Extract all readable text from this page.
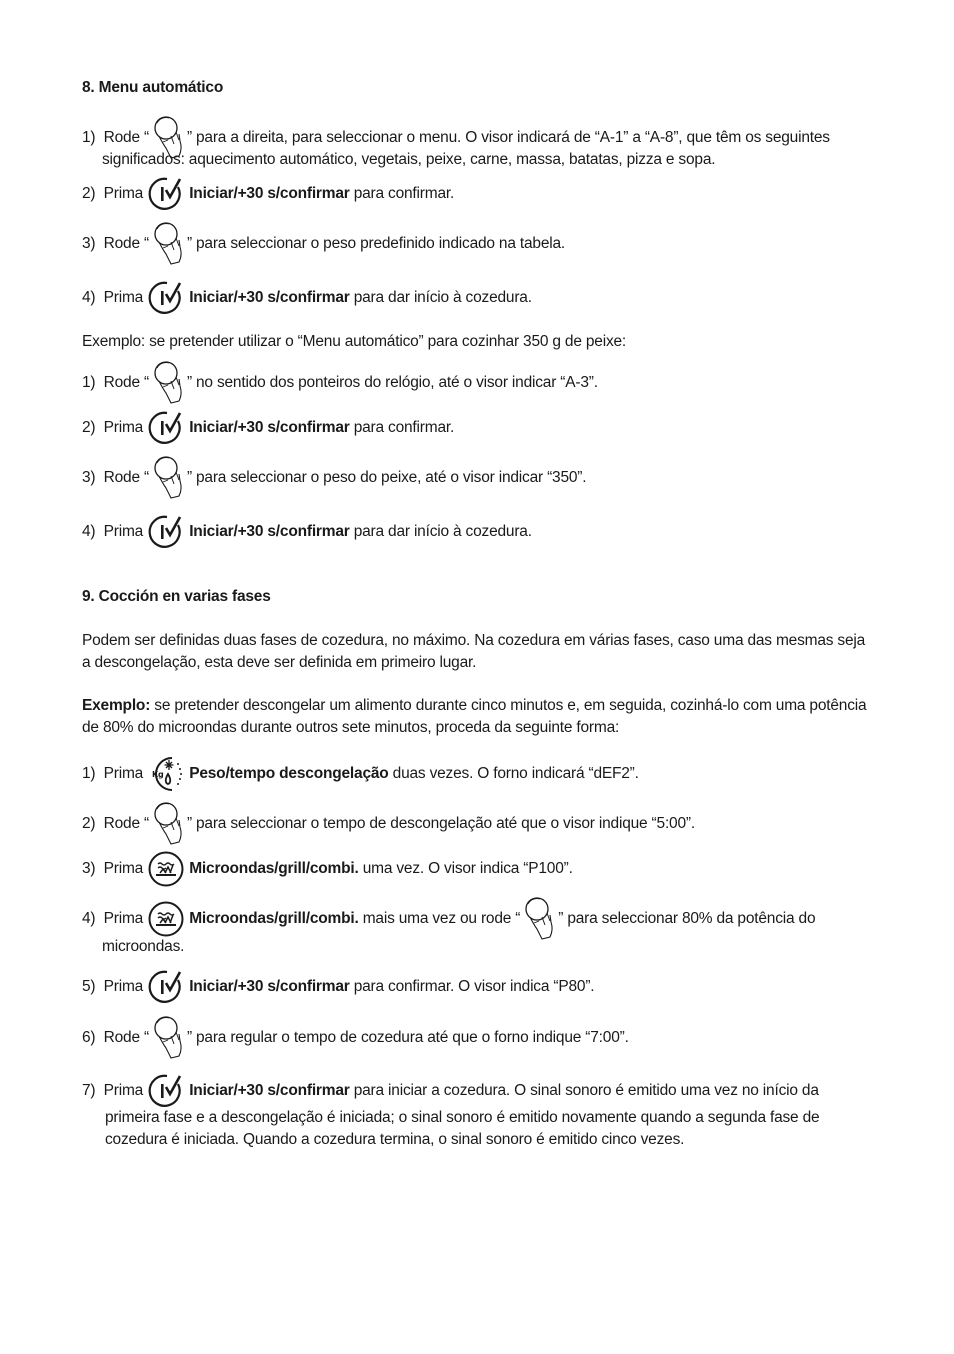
8. Menu automático
1) Rode “ ” para a direita, para seleccionar o menu. O visor indicará de “A-1” a “A-8”, que têm os seguintes
significados: aquecimento automático, vegetais, peixe, carne, massa, batatas, pizza e sopa.
2) Prima	Iniciar/+30 s/confirmar para confirmar.
3) Rode “ ” para seleccionar o peso predefinido indicado na tabela.
4) Prima	Iniciar/+30 s/confirmar para dar início à cozedura.
Exemplo: se pretender utilizar o “Menu automático” para cozinhar 350 g de peixe:
1) Rode “ ” no sentido dos ponteiros do relógio, até o visor indicar “A-3”.
2) Prima	Iniciar/+30 s/confirmar para confirmar.
3) Rode “ ” para seleccionar o peso do peixe, até o visor indicar “350”.
4) Prima	Iniciar/+30 s/confirmar para dar início à cozedura.
9. Cocción en varias fases
Podem ser definidas duas fases de cozedura, no máximo. Na cozedura em várias fases, caso uma das mesmas seja
a descongelação, esta deve ser definida em primeiro lugar.
Exemplo: se pretender descongelar um alimento durante cinco minutos e, em seguida, cozinhá-lo com uma potência
de 80% do microondas durante outros sete minutos, proceda da seguinte forma:
1) Prima	Peso/tempo descongelação duas vezes. O forno indicará “dEF2”.
2) Rode “ ” para seleccionar o tempo de descongelação até que o visor indique “5:00”.
3) Prima	Microondas/grill/combi. uma vez. O visor indica “P100”.
4) Prima	Microondas/grill/combi. mais uma vez ou rode “ ” para seleccionar 80% da potência do
microondas.
5) Prima	Iniciar/+30 s/confirmar para confirmar. O visor indica “P80”.
6) Rode “ ” para regular o tempo de cozedura até que o forno indique “7:00”.
7) Prima	Iniciar/+30 s/confirmar para iniciar a cozedura. O sinal sonoro é emitido uma vez no início da
primeira fase e a descongelação é iniciada; o sinal sonoro é emitido novamente quando a segunda fase de
cozedura é iniciada. Quando a cozedura termina, o sinal sonoro é emitido cinco vezes.
